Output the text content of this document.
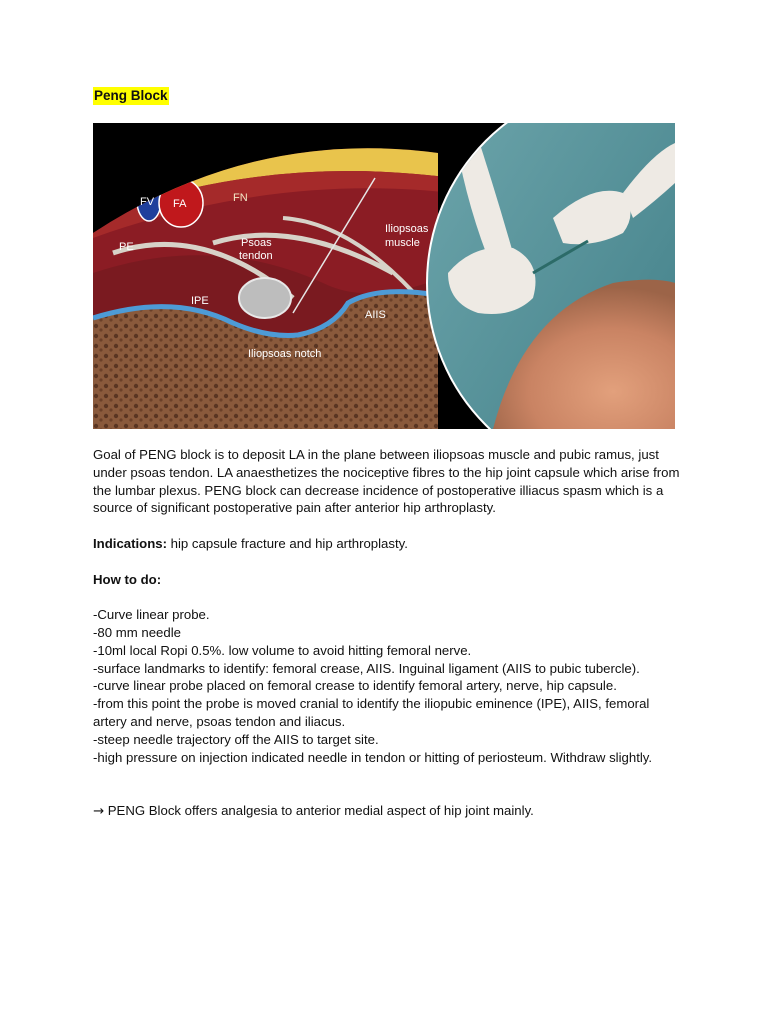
Peng Block
FV FA	FN
PE	Psoas
tendon
Iliopsoas
muscle
IPE
AIIS
Iliopsoas notch

Goal of PENG block is to deposit LA in the plane between iliopsoas muscle and pubic ramus, just under psoas tendon. LA anaesthetizes the nociceptive fibres to the hip joint capsule which arise from the lumbar plexus. PENG block can decrease incidence of postoperative illiacus spasm which is a source of significant postoperative pain after anterior hip arthroplasty.

Indications: hip capsule fracture and hip arthroplasty.

How to do:

-Curve linear probe.

-80 mm needle

-10ml local Ropi 0.5%. low volume to avoid hitting femoral nerve.

-surface landmarks to identify: femoral crease, AIIS. Inguinal ligament (AIIS to pubic tubercle).

-curve linear probe placed on femoral crease to identify femoral artery, nerve, hip capsule.

-from this point the probe is moved cranial to identify the iliopubic eminence (IPE), AIIS, femoral artery and nerve, psoas tendon and iliacus.

-steep needle trajectory off the AIIS to target site.

-high pressure on injection indicated needle in tendon or hitting of periosteum. Withdraw slightly.

→ PENG Block offers analgesia to anterior medial aspect of hip joint mainly.
